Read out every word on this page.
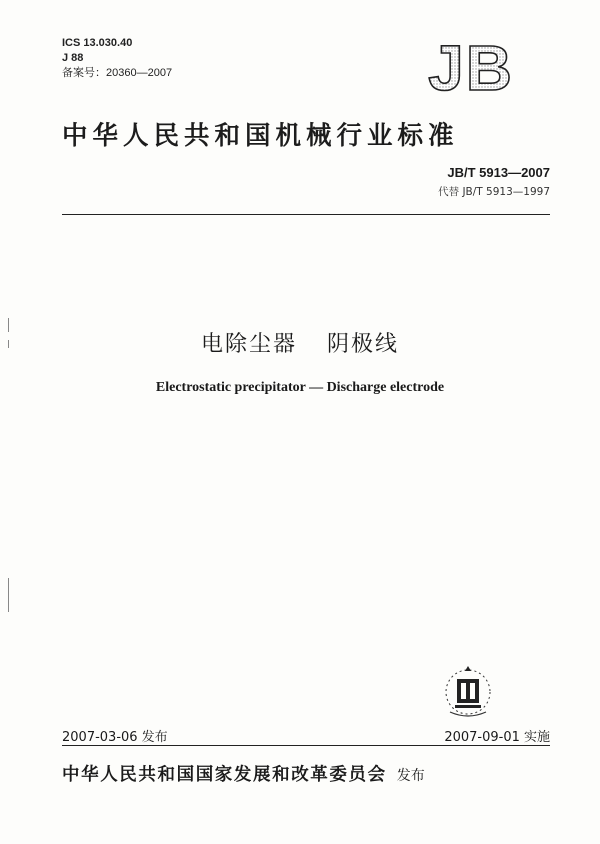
ICS 13.030.40
J 88
备案号：20360—2007	JB
中华人民共和国机械行业标准
JB/T 5913—2007
代替 JB/T 5913—1997
电除尘器 阴极线
Electrostatic precipitator — Discharge electrode
2007-03-06 发布	2007-09-01 实施
中华人民共和国国家发展和改革委员会 发布
